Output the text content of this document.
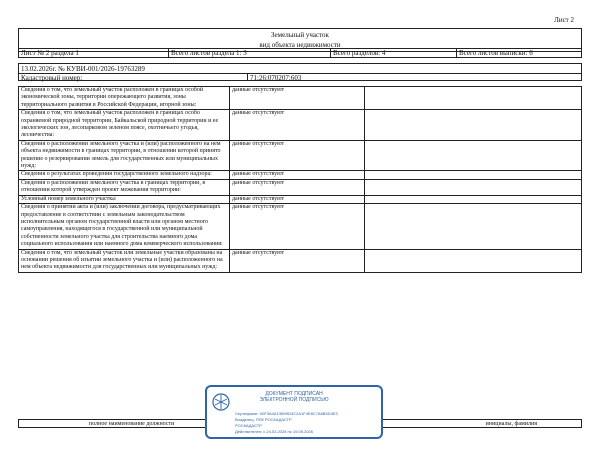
Лист 2
Земельный участок
вид объекта недвижимости
Лист № 2 раздела 1	Всего листов раздела 1: 3	Всего разделов: 4	Всего листов выписки: 6
13.02.2026г. № КУВИ-001/2026-19763289
Кадастровый номер:	71:26:070207:603
Сведения о том, что земельный участок расположен в границах особой экономической зоны, территории опережающего развития, зоны территориального развития в Российской Федерации, игорной зоны:	данные отсутствуют	
Сведения о том, что земельный участок расположен в границах особо охраняемой природной территории, Байкальской природной территории и ее экологических зон, лесопарковом зеленом поясе, охотничьего угодья, лесничества:	данные отсутствуют	
Сведения о расположении земельного участка и (или) расположенного на нем объекта недвижимости в границах территории, в отношении которой принято решение о резервировании земель для государственных или муниципальных нужд:	данные отсутствуют	
Сведения о результатах проведения государственного земельного надзора:	данные отсутствуют	
Сведения о расположении земельного участка в границах территории, в отношении которой утвержден проект межевания территории:	данные отсутствуют	
Условный номер земельного участка:	данные отсутствуют	
Сведения о принятии акта и (или) заключении договора, предусматривающих предоставление в соответствии с земельным законодательством исполнительным органом государственной власти или органом местного самоуправления, находящегося в государственной или муниципальной собственности земельного участка для строительства наемного дома социального использования или наемного дома коммерческого использования:	данные отсутствуют	
Сведения о том, что земельный участок или земельные участки образованы на основании решения об изъятии земельного участка и (или) расположенного на нем объекта недвижимости для государственных или муниципальных нужд:	данные отсутствуют	
полное наименование должности	инициалы, фамилия
ДОКУМЕНТ ПОДПИСАН
ЭЛЕКТРОННОЙ ПОДПИСЬЮ
Сертификат: 00F3A4A13B09D3C2A1F4E8C7A6B5D4E3
Владелец: ППК РОСКАДАСТР
РОСКАДАСТР
Действителен: с 24.02.2025 по 19.05.2026
